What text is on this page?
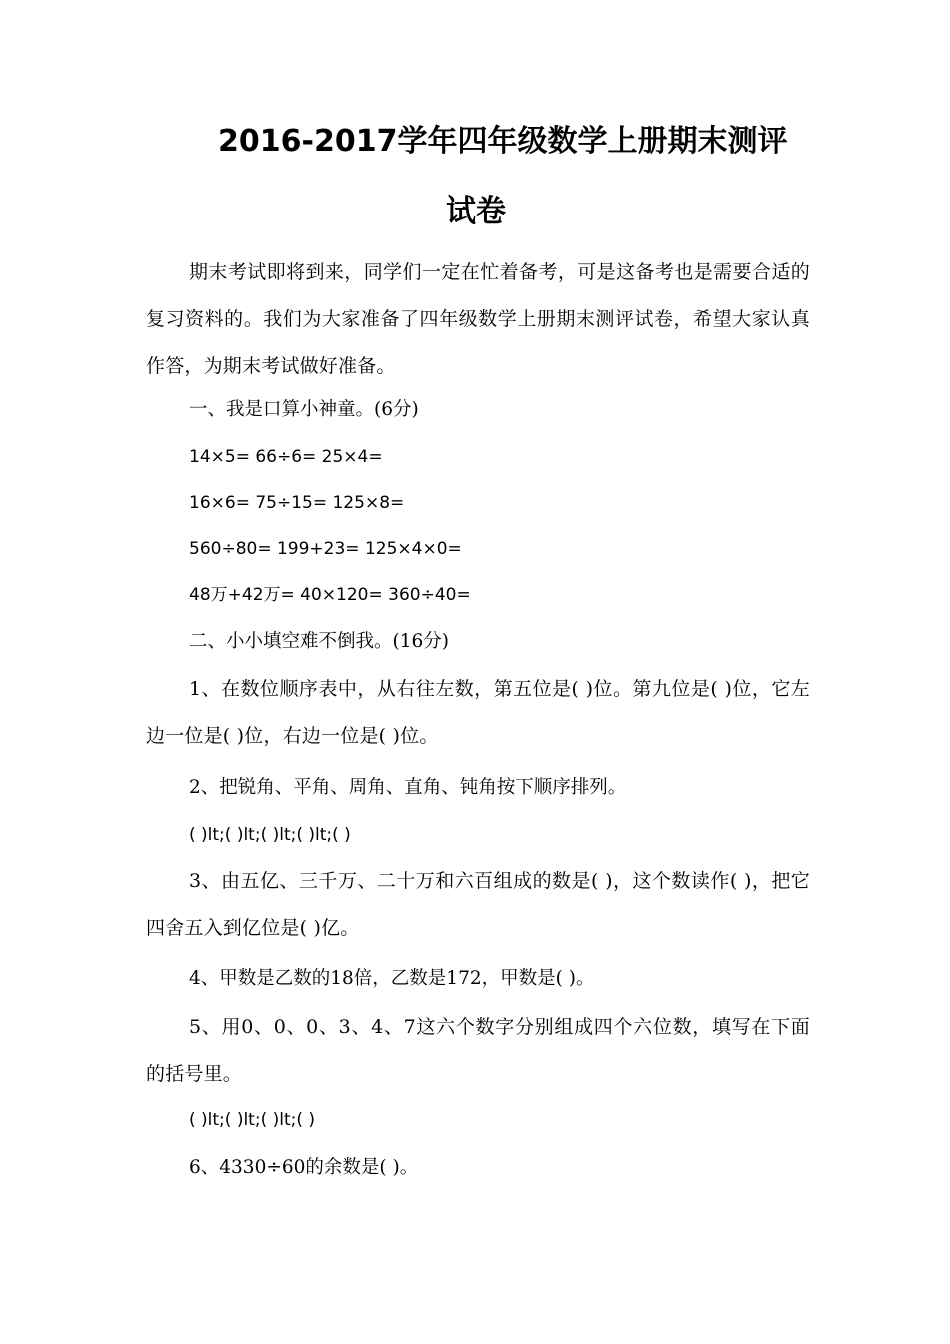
2016-2017学年四年级数学上册期末测评
试卷

期末考试即将到来，同学们一定在忙着备考，可是这备考也是需要合适的复习资料的。我们为大家准备了四年级数学上册期末测评试卷，希望大家认真作答，为期末考试做好准备。

一、我是口算小神童。(6分)

14×5= 66÷6= 25×4=

16×6= 75÷15= 125×8=

560÷80= 199+23= 125×4×0=

48万+42万= 40×120= 360÷40=

二、小小填空难不倒我。(16分)

1、在数位顺序表中，从右往左数，第五位是( )位。第九位是( )位，它左边一位是( )位，右边一位是( )位。

2、把锐角、平角、周角、直角、钝角按下顺序排列。

( )lt;( )lt;( )lt;( )lt;( )

3、由五亿、三千万、二十万和六百组成的数是( )，这个数读作( )，把它四舍五入到亿位是( )亿。

4、甲数是乙数的18倍，乙数是172，甲数是( )。

5、用0、0、0、3、4、7这六个数字分别组成四个六位数，填写在下面的括号里。

( )lt;( )lt;( )lt;( )

6、4330÷60的余数是( )。
